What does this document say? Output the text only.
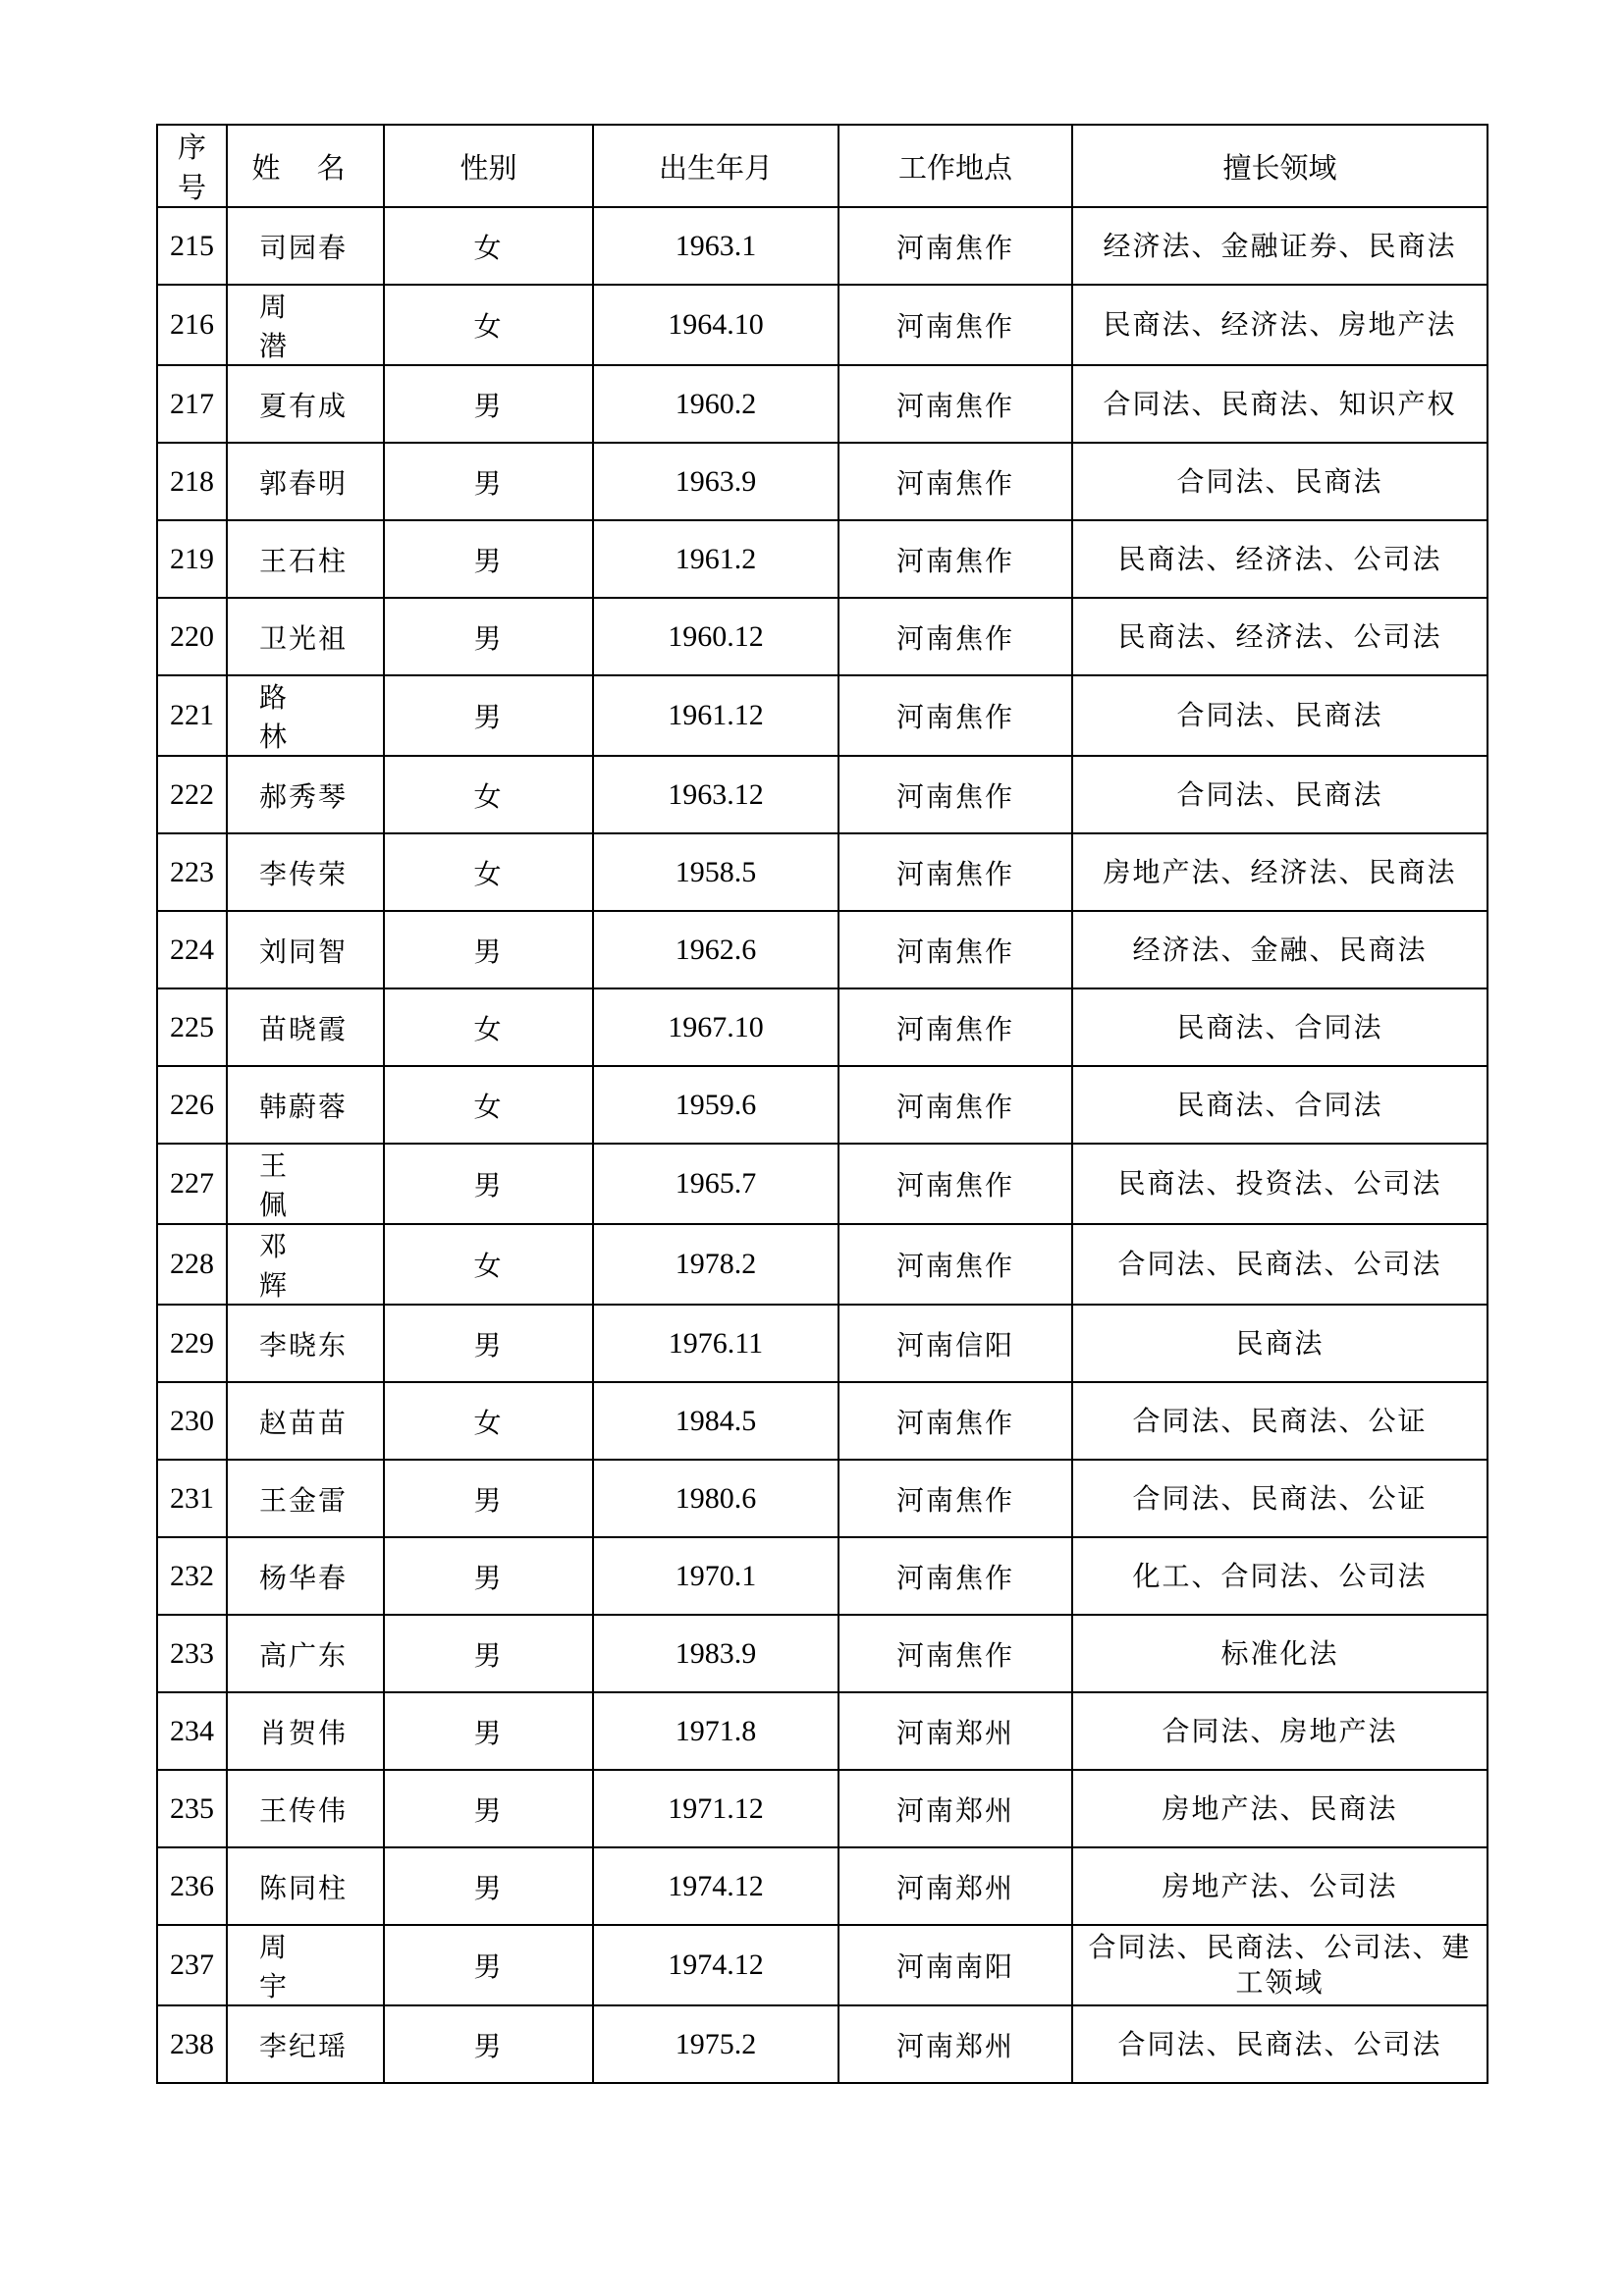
序号	姓 名	性别	出生年月	工作地点	擅长领域
215	司园春	女	1963.1	河南焦作	经济法、金融证券、民商法
216	周 潜	女	1964.10	河南焦作	民商法、经济法、房地产法
217	夏有成	男	1960.2	河南焦作	合同法、民商法、知识产权
218	郭春明	男	1963.9	河南焦作	合同法、民商法
219	王石柱	男	1961.2	河南焦作	民商法、经济法、公司法
220	卫光祖	男	1960.12	河南焦作	民商法、经济法、公司法
221	路 林	男	1961.12	河南焦作	合同法、民商法
222	郝秀琴	女	1963.12	河南焦作	合同法、民商法
223	李传荣	女	1958.5	河南焦作	房地产法、经济法、民商法
224	刘同智	男	1962.6	河南焦作	经济法、金融、民商法
225	苗晓霞	女	1967.10	河南焦作	民商法、合同法
226	韩蔚蓉	女	1959.6	河南焦作	民商法、合同法
227	王 佩	男	1965.7	河南焦作	民商法、投资法、公司法
228	邓 辉	女	1978.2	河南焦作	合同法、民商法、公司法
229	李晓东	男	1976.11	河南信阳	民商法
230	赵苗苗	女	1984.5	河南焦作	合同法、民商法、公证
231	王金雷	男	1980.6	河南焦作	合同法、民商法、公证
232	杨华春	男	1970.1	河南焦作	化工、合同法、公司法
233	高广东	男	1983.9	河南焦作	标准化法
234	肖贺伟	男	1971.8	河南郑州	合同法、房地产法
235	王传伟	男	1971.12	河南郑州	房地产法、民商法
236	陈同柱	男	1974.12	河南郑州	房地产法、公司法
237	周 宇	男	1974.12	河南南阳	合同法、民商法、公司法、建工领域
238	李纪瑶	男	1975.2	河南郑州	合同法、民商法、公司法
